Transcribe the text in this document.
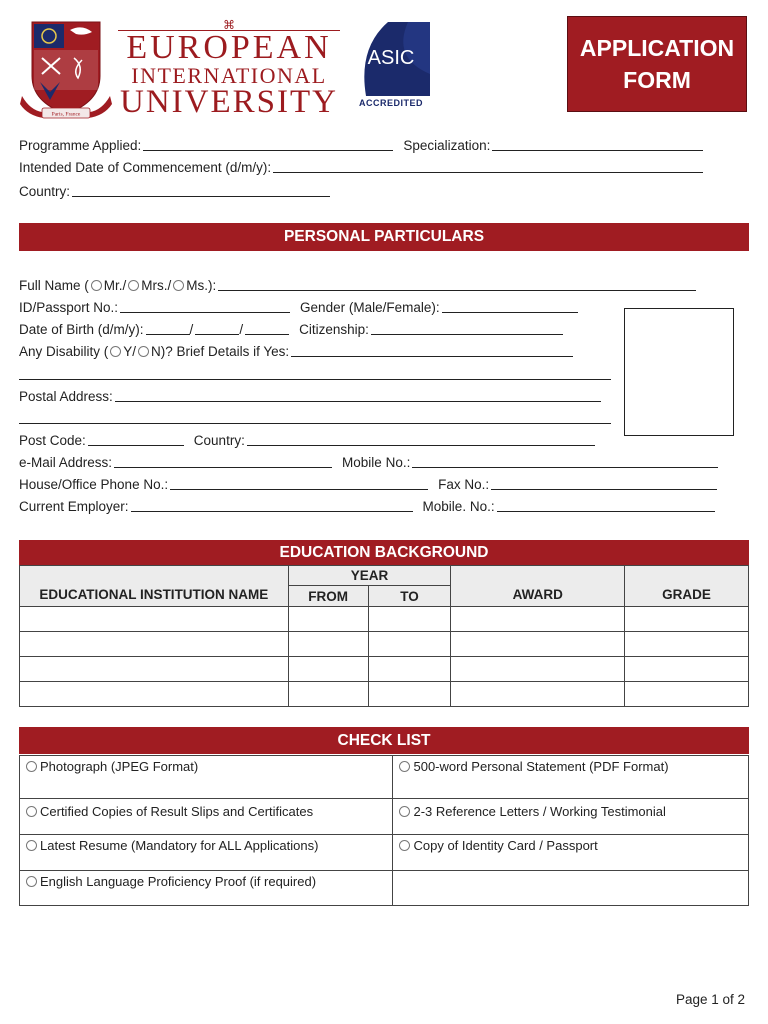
Paris, France
⌘
EUROPEAN
INTERNATIONAL
UNIVERSITY
ASIC
ACCREDITED
APPLICATION
FORM
Programme Applied:	Specialization:
Intended Date of Commencement (d/m/y):
Country:
PERSONAL PARTICULARS
Full Name ( Mr./ Mrs./ Ms.):
ID/Passport No.:	Gender (Male/Female):
Date of Birth (d/m/y):	/	/	Citizenship:
Any Disability ( Y/ N)? Brief Details if Yes:
Postal Address:
Post Code:	Country:
e-Mail Address:	Mobile No.:
House/Office Phone No.:	Fax No.:
Current Employer:	Mobile. No.:
EDUCATION BACKGROUND
EDUCATIONAL INSTITUTION NAME	YEAR		AWARD	GRADE
	FROM	TO		

CHECK LIST
Photograph (JPEG Format)	500-word Personal Statement (PDF Format)
Certified Copies of Result Slips and Certificates	2-3 Reference Letters / Working Testimonial
Latest Resume (Mandatory for ALL Applications)	Copy of Identity Card / Passport
English Language Proficiency Proof (if required)	
Page 1 of 2
